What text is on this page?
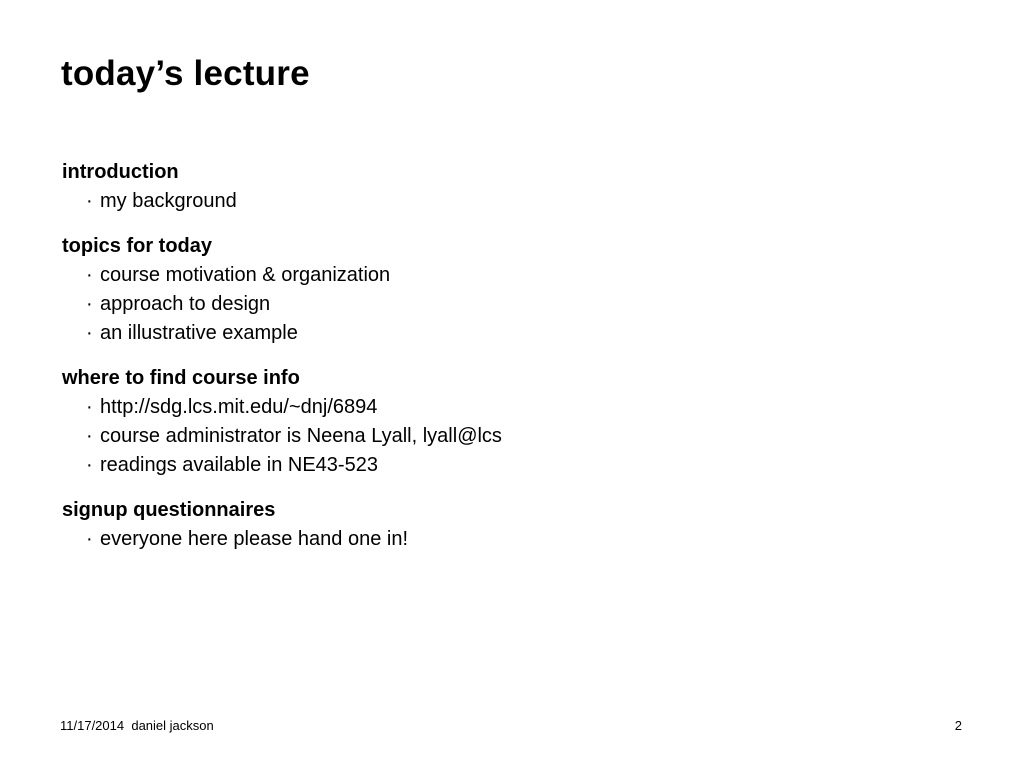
today’s lecture

introduction

· my background

topics for today

· course motivation & organization
· approach to design
· an illustrative example

where to find course info

· http://sdg.lcs.mit.edu/~dnj/6894
· course administrator is Neena Lyall, lyall@lcs
· readings available in NE43-523

signup questionnaires

· everyone here please hand one in!
11/17/2014 daniel jackson	2
